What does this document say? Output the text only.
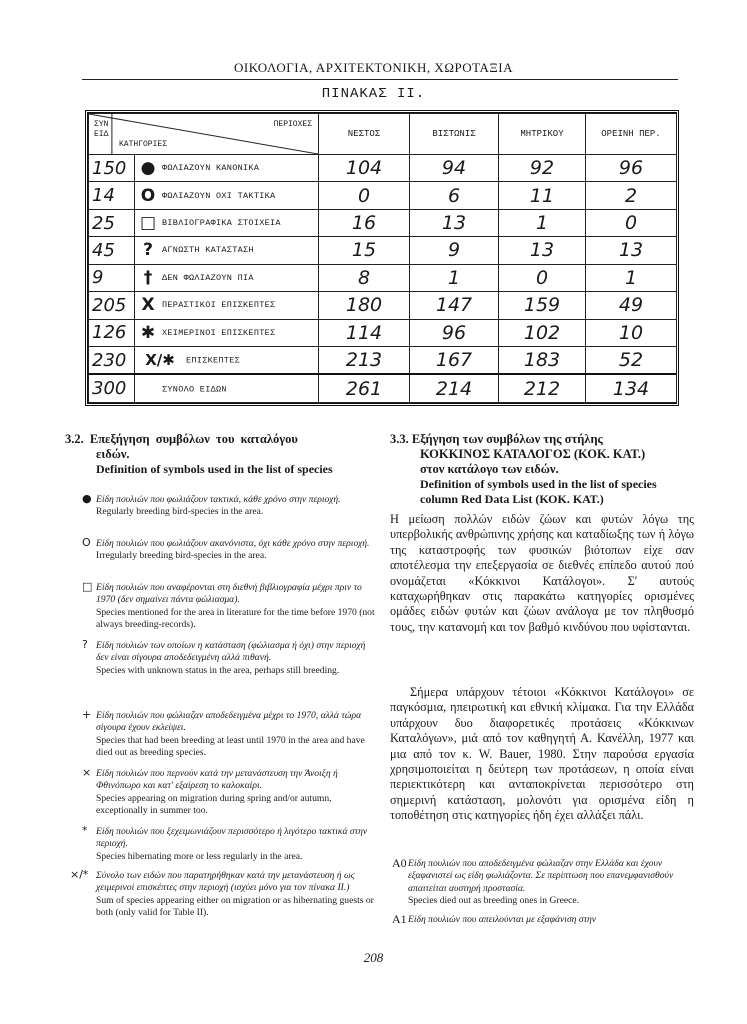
ΟΙΚΟΛΟΓΙΑ, ΑΡΧΙΤΕΚΤΟΝΙΚΗ, ΧΩΡΟΤΑΞΙΑ
ΠΙΝΑΚΑΣ ΙΙ.
ΣΥΝ
ΕΙΔ
ΠΕΡΙΟΧΕΣ
ΚΑΤΗΓΟΡΙΕΣ		ΝΕΣΤΟΣ	ΒΙΣΤΩΝΙΣ	ΜΗΤΡΙΚΟΥ	ΟΡΕΙΝΗ ΠΕΡ.
150	● ΦΩΛΙΑΖΟΥΝ ΚΑΝΟΝΙΚΑ	104	94	92	96
14	O ΦΩΛΙΑΖΟΥΝ ΟΧΙ ΤΑΚΤΙΚΑ	0	6	11	2
25	□ ΒΙΒΛΙΟΓΡΑΦΙΚΑ ΣΤΟΙΧΕΙΑ	16	13	1	0
45	? ΑΓΝΩΣΤΗ ΚΑΤΑΣΤΑΣΗ	15	9	13	13
9	† ΔΕΝ ΦΩΛΙΑΖΟΥΝ ΠΙΑ	8	1	0	1
205	X ΠΕΡΑΣΤΙΚΟΙ ΕΠΙΣΚΕΠΤΕΣ	180	147	159	49
126	✱ ΧΕΙΜΕΡΙΝΟΙ ΕΠΙΣΚΕΠΤΕΣ	114	96	102	10
230	X/✱ ΕΠΙΣΚΕΠΤΕΣ	213	167	183	52
300	ΣΥΝΟΛΟ ΕΙΔΩΝ	261	214	212	134
3.2. Επεξήγηση συμβόλων του καταλόγου
ειδών.
Definition of symbols used in the list of species
● Είδη πουλιών που φωλιάζουν τακτικά, κάθε χρόνο στην περιοχή.
Regularly breeding bird-species in the area.
O Είδη πουλιών που φωλιάζουν ακανόνιστα, όχι κάθε χρόνο στην περιοχή.
Irregularly breeding bird-species in the area.
□ Είδη πουλιών που αναφέρονται στη διεθνή βιβλιογραφία μέχρι πριν το 1970 (δεν σημαίνει πάντα φώλιασμα).
Species mentioned for the area in literature for the time before 1970 (not always breeding-records).
? Είδη πουλιών των οποίων η κατάσταση (φώλιασμα ή όχι) στην περιοχή δεν είναι σίγουρα αποδεδειγμένη αλλά πιθανή.
Species with unknown status in the area, perhaps still breeding.
+ Είδη πουλιών που φώλιαζαν αποδεδειγμένα μέχρι το 1970, αλλά τώρα σίγουρα έχουν εκλείψει.
Species that had been breeding at least until 1970 in the area and have died out as breeding species.
× Είδη πουλιών που περνούν κατά την μετανάστευση την Άνοιξη ή Φθινόπωρο και κατ' εξαίρεση το καλοκαίρι.
Species appearing on migration during spring and/or autumn, exceptionally in summer too.
* Είδη πουλιών που ξεχειμωνιάζουν περισσότερο ή λιγότερο τακτικά στην περιοχή.
Species hibernating more or less regularly in the area.
×/* Σύνολο των ειδών που παρατηρήθηκαν κατά την μετανάστευση ή ως χειμερινοί επισκέπτες στην περιοχή (ισχύει μόνο για τον πίνακα ΙΙ.)
Sum of species appearing either on migration or as hibernating guests or both (only valid for Table II).
3.3. Εξήγηση των συμβόλων της στήλης
ΚΟΚΚΙΝΟΣ ΚΑΤΑΛΟΓΟΣ (ΚΟΚ. ΚΑΤ.)
στον κατάλογο των ειδών.
Definition of symbols used in the list of species
column Red Data List (ΚΟΚ. ΚΑΤ.)
Η μείωση πολλών ειδών ζώων και φυτών λόγω της υπερβολικής ανθρώπινης χρήσης και καταδίωξης των ή λόγω της καταστροφής των φυσικών βιότοπων είχε σαν αποτέλεσμα την επεξεργασία σε διεθνές επίπεδο αυτού πού ονομάζεται «Κόκκινοι Κατάλογοι». Σ' αυτούς καταχωρήθηκαν στις παρακάτω κατηγορίες ορισμένες ομάδες ειδών φυτών και ζώων ανάλογα με τον πληθυσμό τους, την κατανομή και τον βαθμό κινδύνου που υφίστανται.
Σήμερα υπάρχουν τέτοιοι «Κόκκινοι Κατάλογοι» σε παγκόσμια, ηπειρωτική και εθνική κλίμακα. Για την Ελλάδα υπάρχουν δυο διαφορετικές προτάσεις «Κόκκινων Καταλόγων», μιά από τον καθηγητή Α. Κανέλλη, 1977 και μια από τον κ. W. Bauer, 1980. Στην παρούσα εργασία χρησιμοποιείται η δεύτερη των προτάσεων, η οποία είναι περιεκτικότερη και ανταποκρίνεται περισσότερο στη σημερινή κατάσταση, μολονότι για ορισμένα είδη η τοποθέτηση στις κατηγορίες ήδη έχει αλλάξει πάλι.
Α0 Είδη πουλιών που αποδεδειγμένα φώλιαζαν στην Ελλάδα και έχουν εξαφανιστεί ως είδη φωλιάζοντα. Σε περίπτωση που επανεμφανισθούν απαιτείται αυστηρή προστασία.
Species died out as breeding ones in Greece.
Α1 Είδη πουλιών που απειλούνται με εξαφάνιση στην
208
